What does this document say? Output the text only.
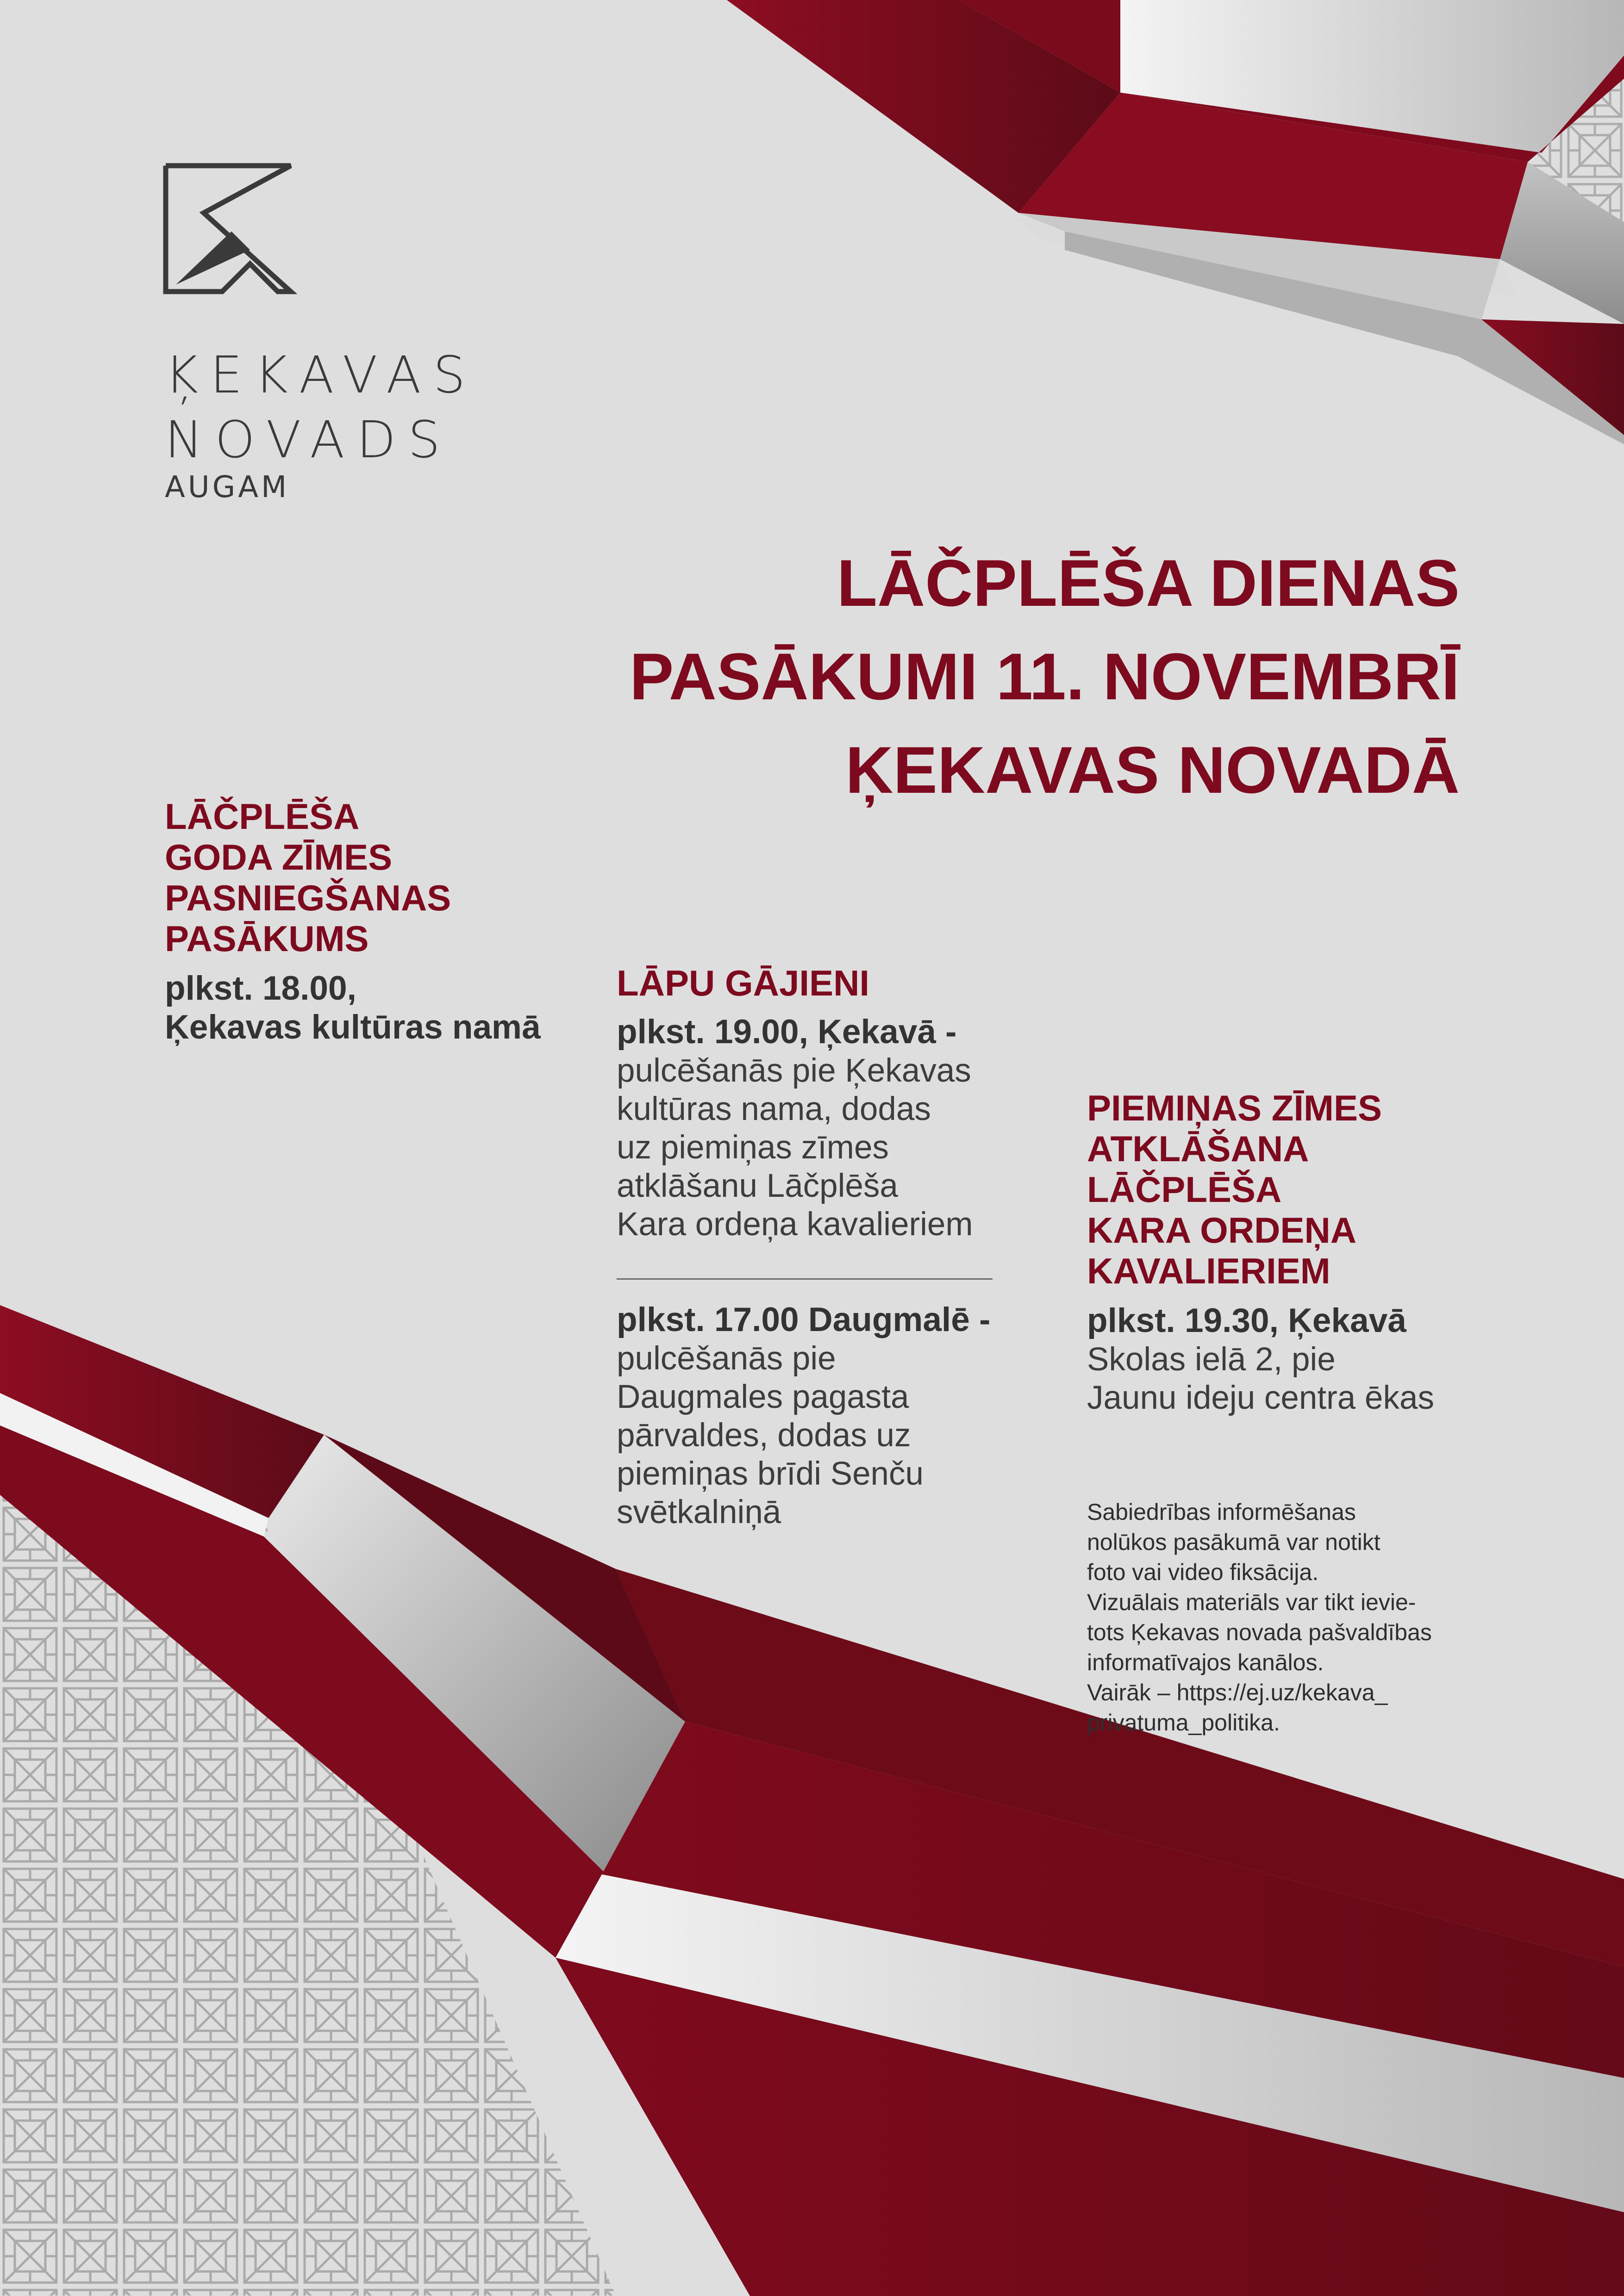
ĶEKAVAS
NOVADS
AUGAM
LĀČPLĒŠA DIENAS
PASĀKUMI 11. NOVEMBRĪ
ĶEKAVAS NOVADĀ
LĀČPLĒŠA
GODA ZĪMES
PASNIEGŠANAS
PASĀKUMS
plkst. 18.00,
Ķekavas kultūras namā
LĀPU GĀJIENI
plkst. 19.00, Ķekavā -
pulcēšanās pie Ķekavas
kultūras nama, dodas
uz piemiņas zīmes
atklāšanu Lāčplēša
Kara ordeņa kavalieriem
plkst. 17.00 Daugmalē -
pulcēšanās pie
Daugmales pagasta
pārvaldes, dodas uz
piemiņas brīdi Senču
svētkalniņā
PIEMIŅAS ZĪMES
ATKLĀŠANA
LĀČPLĒŠA
KARA ORDEŅA
KAVALIERIEM
plkst. 19.30, Ķekavā
Skolas ielā 2, pie
Jaunu ideju centra ēkas
Sabiedrības informēšanas
nolūkos pasākumā var notikt
foto vai video fiksācija.
Vizuālais materiāls var tikt ievie-
tots Ķekavas novada pašvaldības
informatīvajos kanālos.
Vairāk – https://ej.uz/kekava_
privatuma_politika.
